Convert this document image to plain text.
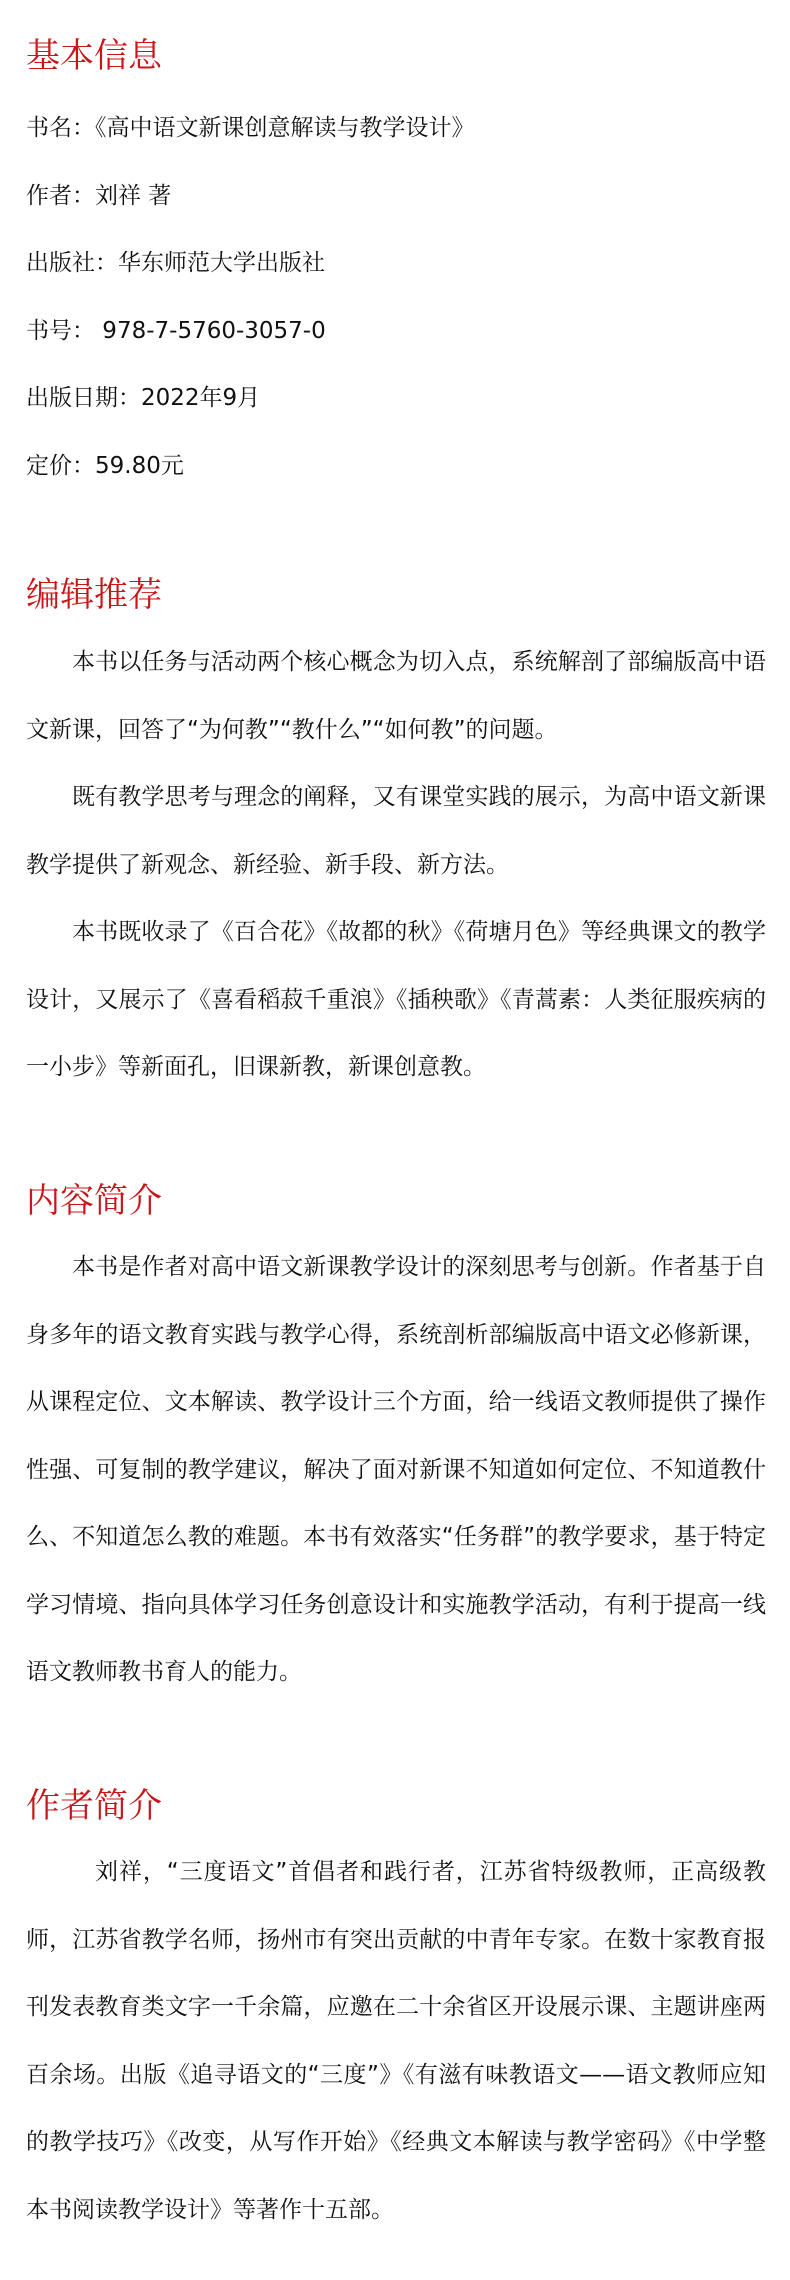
基本信息

书名：《高中语文新课创意解读与教学设计》

作者：刘祥 著

出版社：华东师范大学出版社

书号： 978-7-5760-3057-0

出版日期：2022年9月

定价：59.80元

编辑推荐

本书以任务与活动两个核心概念为切入点，系统解剖了部编版高中语文新课，回答了“为何教”“教什么”“如何教”的问题。

既有教学思考与理念的阐释，又有课堂实践的展示，为高中语文新课教学提供了新观念、新经验、新手段、新方法。

本书既收录了《百合花》《故都的秋》《荷塘月色》等经典课文的教学设计，又展示了《喜看稻菽千重浪》《插秧歌》《青蒿素：人类征服疾病的一小步》等新面孔，旧课新教，新课创意教。

内容简介

本书是作者对高中语文新课教学设计的深刻思考与创新。作者基于自身多年的语文教育实践与教学心得，系统剖析部编版高中语文必修新课，从课程定位、文本解读、教学设计三个方面，给一线语文教师提供了操作性强、可复制的教学建议，解决了面对新课不知道如何定位、不知道教什么、不知道怎么教的难题。本书有效落实“任务群”的教学要求，基于特定学习情境、指向具体学习任务创意设计和实施教学活动，有利于提高一线语文教师教书育人的能力。

作者简介

刘祥，“三度语文”首倡者和践行者，江苏省特级教师，正高级教师，江苏省教学名师，扬州市有突出贡献的中青年专家。在数十家教育报刊发表教育类文字一千余篇，应邀在二十余省区开设展示课、主题讲座两百余场。出版《追寻语文的“三度”》《有滋有味教语文——语文教师应知的教学技巧》《改变，从写作开始》《经典文本解读与教学密码》《中学整本书阅读教学设计》等著作十五部。
